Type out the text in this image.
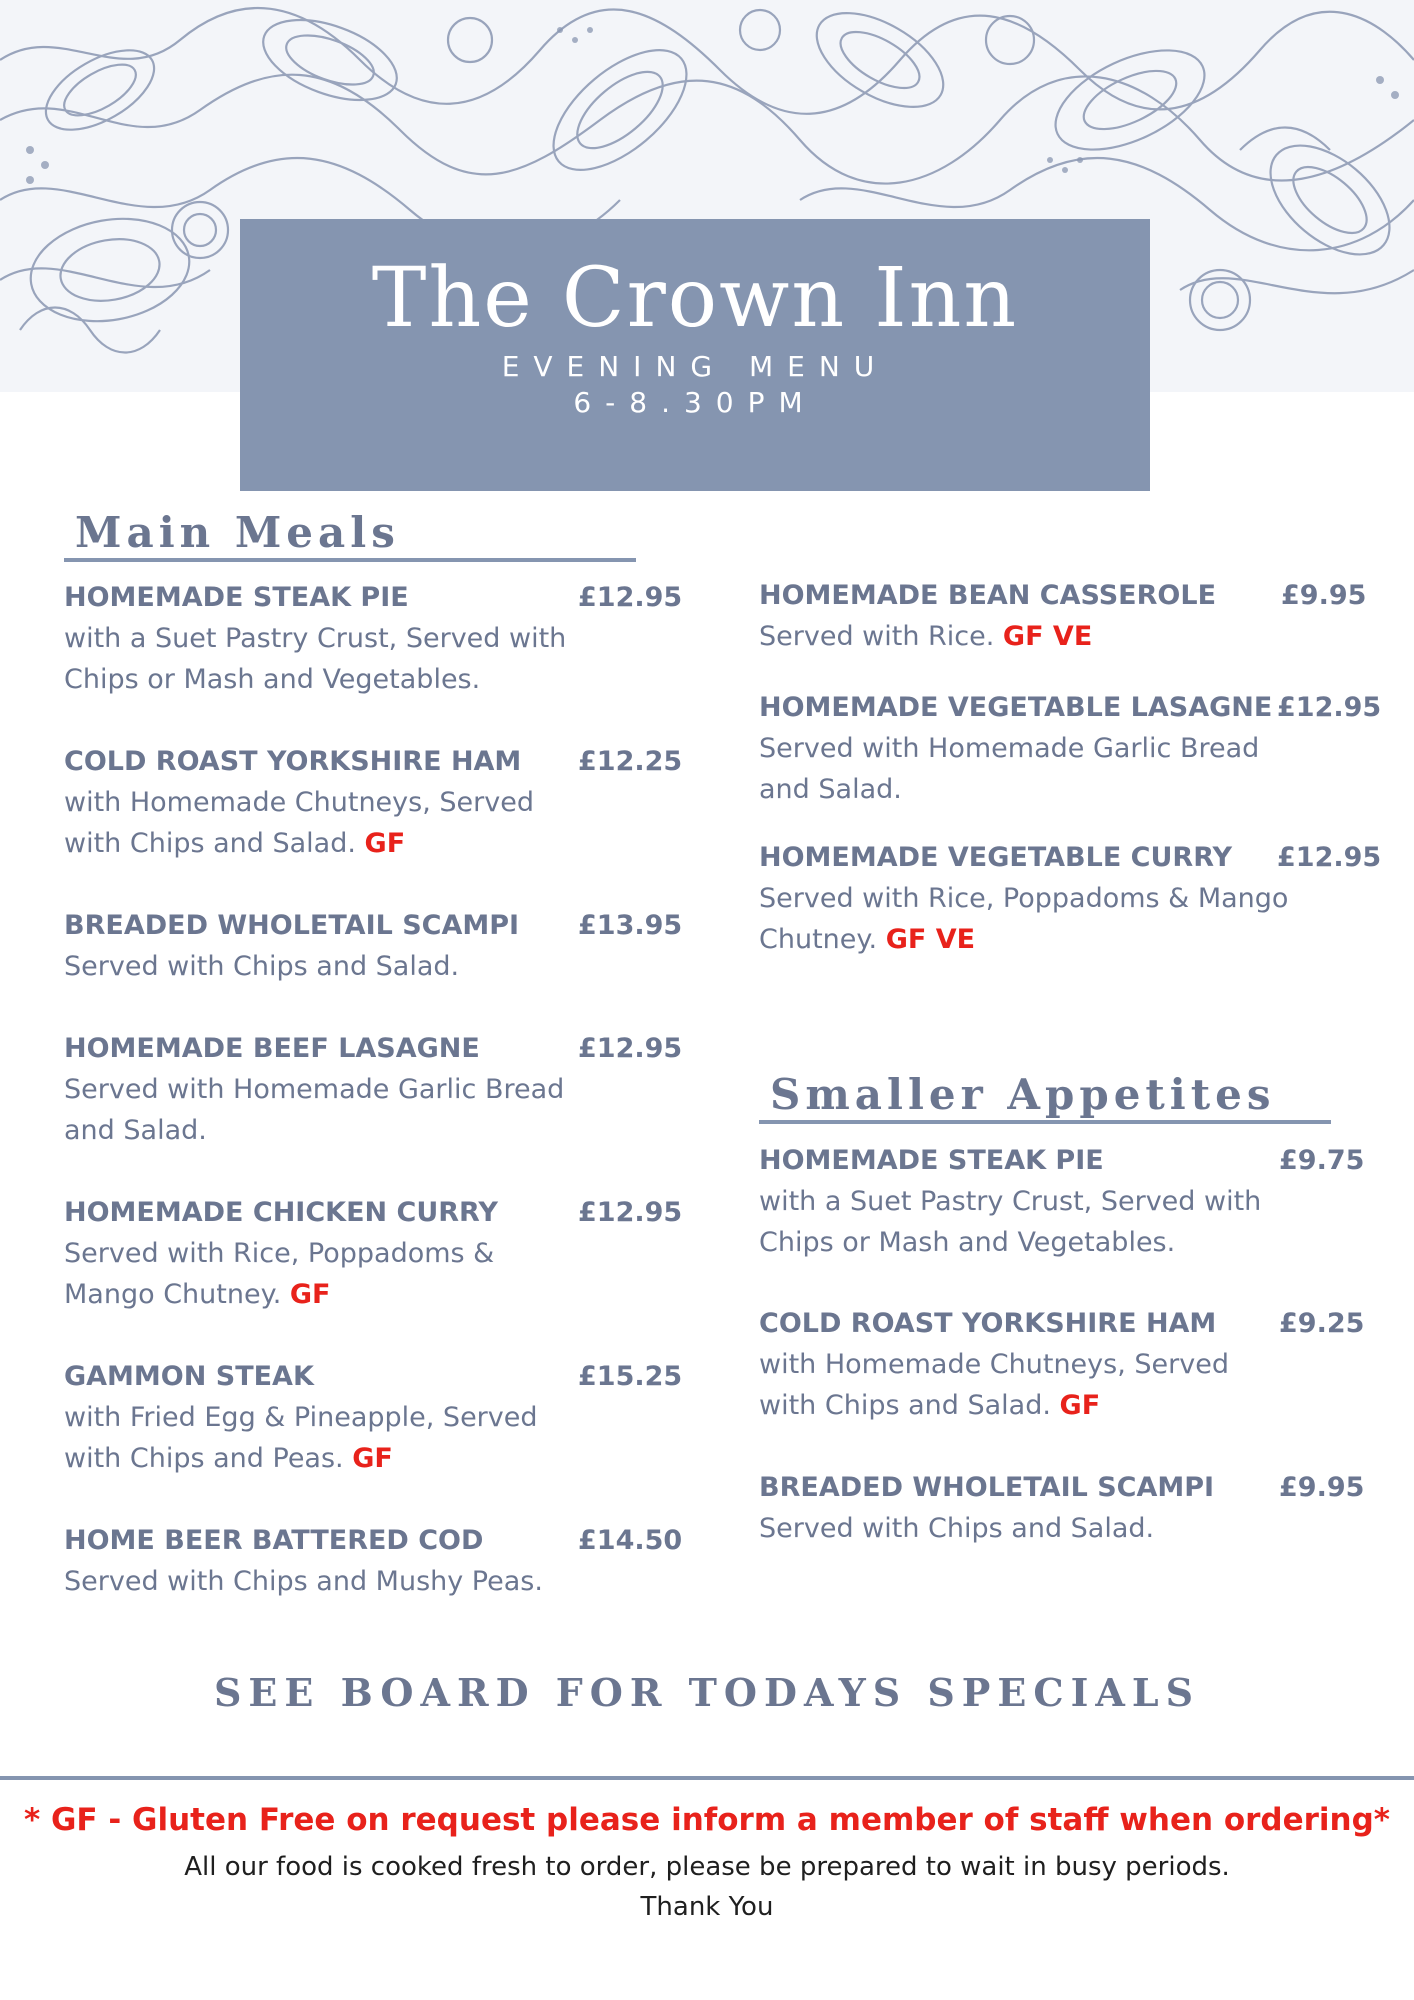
The Crown Inn
EVENING MENU
6-8.30PM
Main Meals
HOMEMADE STEAK PIE	£12.95
with a Suet Pastry Crust, Served with
Chips or Mash and Vegetables.
COLD ROAST YORKSHIRE HAM	£12.25
with Homemade Chutneys, Served
with Chips and Salad. GF
BREADED WHOLETAIL SCAMPI	£13.95
Served with Chips and Salad.
HOMEMADE BEEF LASAGNE	£12.95
Served with Homemade Garlic Bread
and Salad.
HOMEMADE CHICKEN CURRY	£12.95
Served with Rice, Poppadoms &
Mango Chutney. GF
GAMMON STEAK	£15.25
with Fried Egg & Pineapple, Served
with Chips and Peas. GF
HOME BEER BATTERED COD	£14.50
Served with Chips and Mushy Peas.
HOMEMADE BEAN CASSEROLE	£9.95
Served with Rice. GF VE
HOMEMADE VEGETABLE LASAGNE £12.95
Served with Homemade Garlic Bread
and Salad.
HOMEMADE VEGETABLE CURRY	£12.95
Served with Rice, Poppadoms & Mango
Chutney. GF VE
Smaller Appetites
HOMEMADE STEAK PIE	£9.75
with a Suet Pastry Crust, Served with
Chips or Mash and Vegetables.
COLD ROAST YORKSHIRE HAM	£9.25
with Homemade Chutneys, Served
with Chips and Salad. GF
BREADED WHOLETAIL SCAMPI	£9.95
Served with Chips and Salad.
SEE BOARD FOR TODAYS SPECIALS
* GF - Gluten Free on request please inform a member of staff when ordering*
All our food is cooked fresh to order, please be prepared to wait in busy periods.
Thank You
